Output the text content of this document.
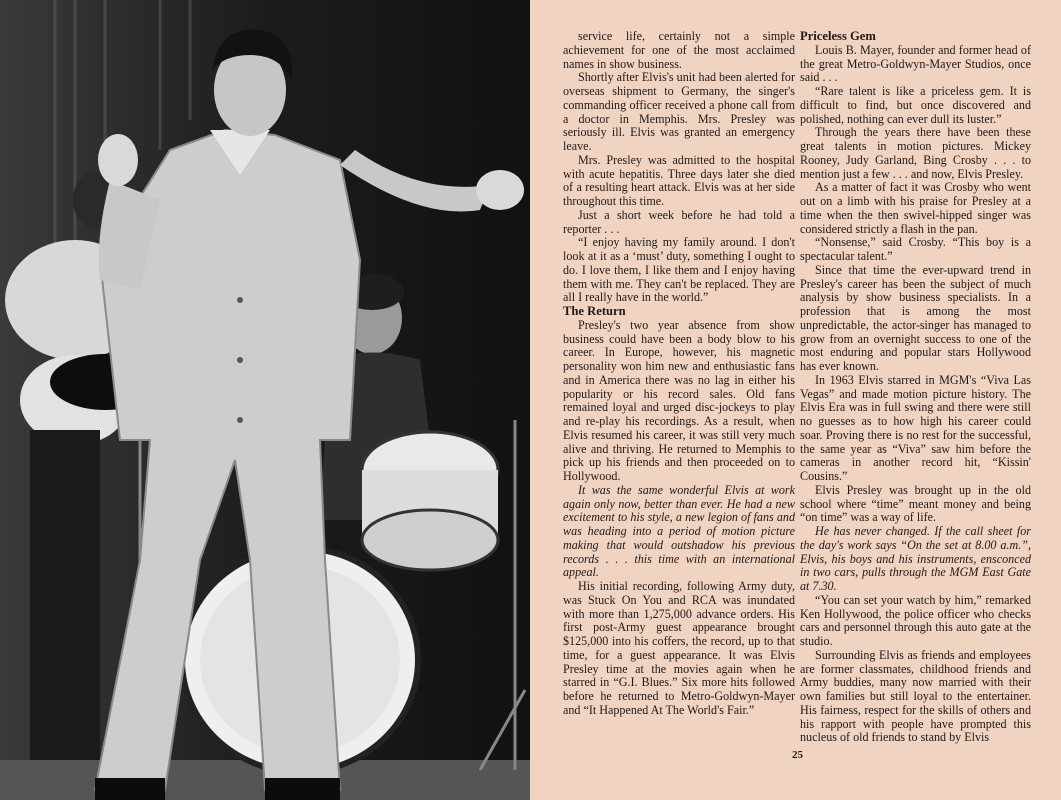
service life, certainly not a simple achievement for one of the most acclaimed names in show business.

Shortly after Elvis's unit had been alerted for overseas shipment to Germany, the singer's commanding officer received a phone call from a doctor in Memphis. Mrs. Presley was seriously ill. Elvis was granted an emergency leave.

Mrs. Presley was admitted to the hospital with acute hepatitis. Three days later she died of a resulting heart attack. Elvis was at her side throughout this time.

Just a short week before he had told a reporter . . .

“I enjoy having my family around. I don't look at it as a ‘must’ duty, something I ought to do. I love them, I like them and I enjoy having them with me. They can't be replaced. They are all I really have in the world.”

The Return

Presley's two year absence from show business could have been a body blow to his career. In Europe, however, his magnetic personality won him new and enthusiastic fans and in America there was no lag in either his popularity or his record sales. Old fans remained loyal and urged disc-jockeys to play and re-play his recordings. As a result, when Elvis resumed his career, it was still very much alive and thriving. He returned to Memphis to pick up his friends and then proceeded on to Hollywood.

It was the same wonderful Elvis at work again only now, better than ever. He had a new excitement to his style, a new legion of fans and was heading into a period of motion picture making that would outshadow his previous records . . . this time with an international appeal.

His initial recording, following Army duty, was Stuck On You and RCA was inundated with more than 1,275,000 advance orders. His first post-Army guest appearance brought $125,000 into his coffers, the record, up to that time, for a guest appearance. It was Elvis Presley time at the movies again when he starred in “G.I. Blues.” Six more hits followed before he returned to Metro-Goldwyn-Mayer and “It Happened At The World's Fair.”

Priceless Gem

Louis B. Mayer, founder and former head of the great Metro-Goldwyn-Mayer Studios, once said . . .

“Rare talent is like a priceless gem. It is difficult to find, but once discovered and polished, nothing can ever dull its luster.”

Through the years there have been these great talents in motion pictures. Mickey Rooney, Judy Garland, Bing Crosby . . . to mention just a few . . . and now, Elvis Presley.

As a matter of fact it was Crosby who went out on a limb with his praise for Presley at a time when the then swivel-hipped singer was considered strictly a flash in the pan.

“Nonsense,” said Crosby. “This boy is a spectacular talent.”

Since that time the ever-upward trend in Presley's career has been the subject of much analysis by show business specialists. In a profession that is among the most unpredictable, the actor-singer has managed to grow from an overnight success to one of the most enduring and popular stars Hollywood has ever known.

In 1963 Elvis starred in MGM's “Viva Las Vegas” and made motion picture history. The Elvis Era was in full swing and there were still no guesses as to how high his career could soar. Proving there is no rest for the successful, the same year as “Viva” saw him before the cameras in another record hit, “Kissin' Cousins.”

Elvis Presley was brought up in the old school where “time” meant money and being “on time” was a way of life.

He has never changed. If the call sheet for the day's work says “On the set at 8.00 a.m.”, Elvis, his boys and his instruments, ensconced in two cars, pulls through the MGM East Gate at 7.30.

“You can set your watch by him,” remarked Ken Hollywood, the police officer who checks cars and personnel through this auto gate at the studio.

Surrounding Elvis as friends and employees are former classmates, childhood friends and Army buddies, many now married with their own families but still loyal to the entertainer. His fairness, respect for the skills of others and his rapport with people have prompted this nucleus of old friends to stand by Elvis

25
